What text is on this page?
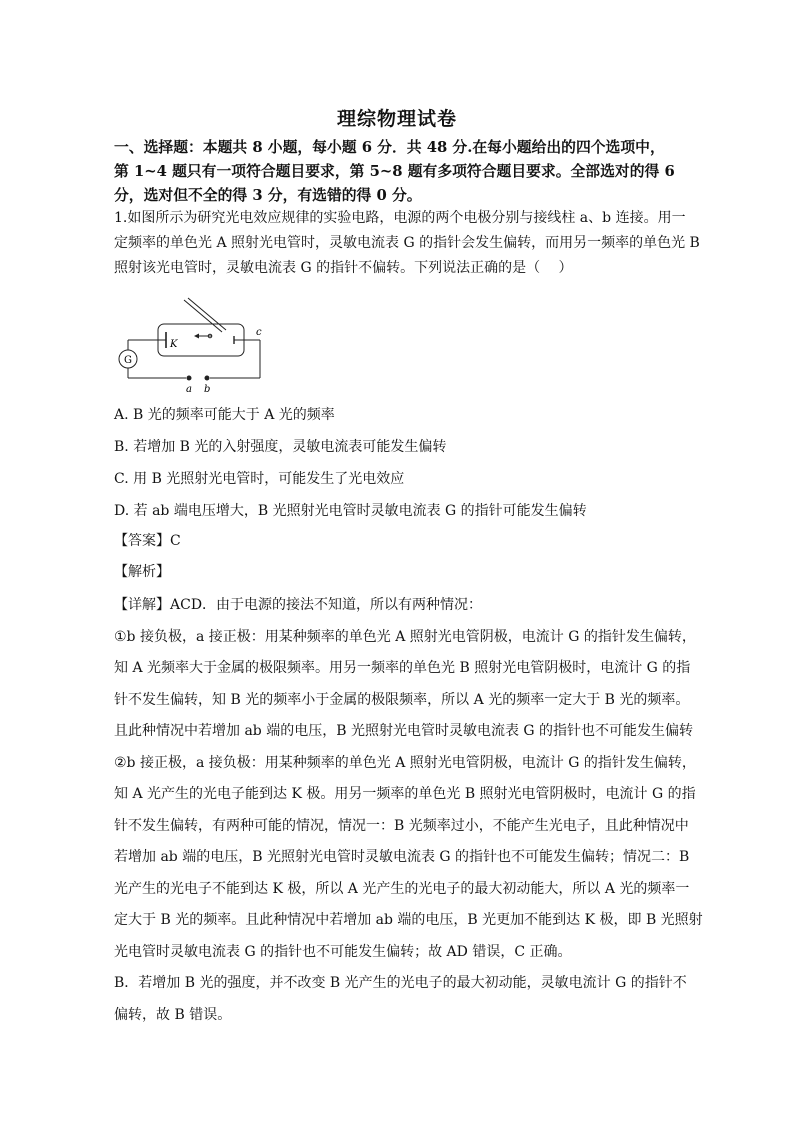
理综物理试卷

一、选择题：本题共 8 小题，每小题 6 分．共 48 分.在每小题给出的四个选项中，

第 1~4 题只有一项符合题目要求，第 5~8 题有多项符合题目要求。全部选对的得 6

分，选对但不全的得 3 分，有选错的得 0 分。

1.如图所示为研究光电效应规律的实验电路，电源的两个电极分别与接线柱 a、b 连接。用一

定频率的单色光 A 照射光电管时，灵敏电流表 G 的指针会发生偏转，而用另一频率的单色光 B

照射该光电管时，灵敏电流表 G 的指针不偏转。下列说法正确的是（　 ）

G
K
c
a b
A. B 光的频率可能大于 A 光的频率
B. 若增加 B 光的入射强度，灵敏电流表可能发生偏转
C. 用 B 光照射光电管时，可能发生了光电效应
D. 若 ab 端电压增大，B 光照射光电管时灵敏电流表 G 的指针可能发生偏转
【答案】C
【解析】

【详解】ACD．由于电源的接法不知道，所以有两种情况：

①b 接负极，a 接正极：用某种频率的单色光 A 照射光电管阴极，电流计 G 的指针发生偏转，

知 A 光频率大于金属的极限频率。用另一频率的单色光 B 照射光电管阴极时，电流计 G 的指

针不发生偏转，知 B 光的频率小于金属的极限频率，所以 A 光的频率一定大于 B 光的频率。

且此种情况中若增加 ab 端的电压，B 光照射光电管时灵敏电流表 G 的指针也不可能发生偏转

②b 接正极，a 接负极：用某种频率的单色光 A 照射光电管阴极，电流计 G 的指针发生偏转，

知 A 光产生的光电子能到达 K 极。用另一频率的单色光 B 照射光电管阴极时，电流计 G 的指

针不发生偏转，有两种可能的情况，情况一：B 光频率过小，不能产生光电子，且此种情况中

若增加 ab 端的电压，B 光照射光电管时灵敏电流表 G 的指针也不可能发生偏转；情况二：B

光产生的光电子不能到达 K 极，所以 A 光产生的光电子的最大初动能大，所以 A 光的频率一

定大于 B 光的频率。且此种情况中若增加 ab 端的电压，B 光更加不能到达 K 极，即 B 光照射

光电管时灵敏电流表 G 的指针也不可能发生偏转；故 AD 错误，C 正确。

B．若增加 B 光的强度，并不改变 B 光产生的光电子的最大初动能，灵敏电流计 G 的指针不

偏转，故 B 错误。
